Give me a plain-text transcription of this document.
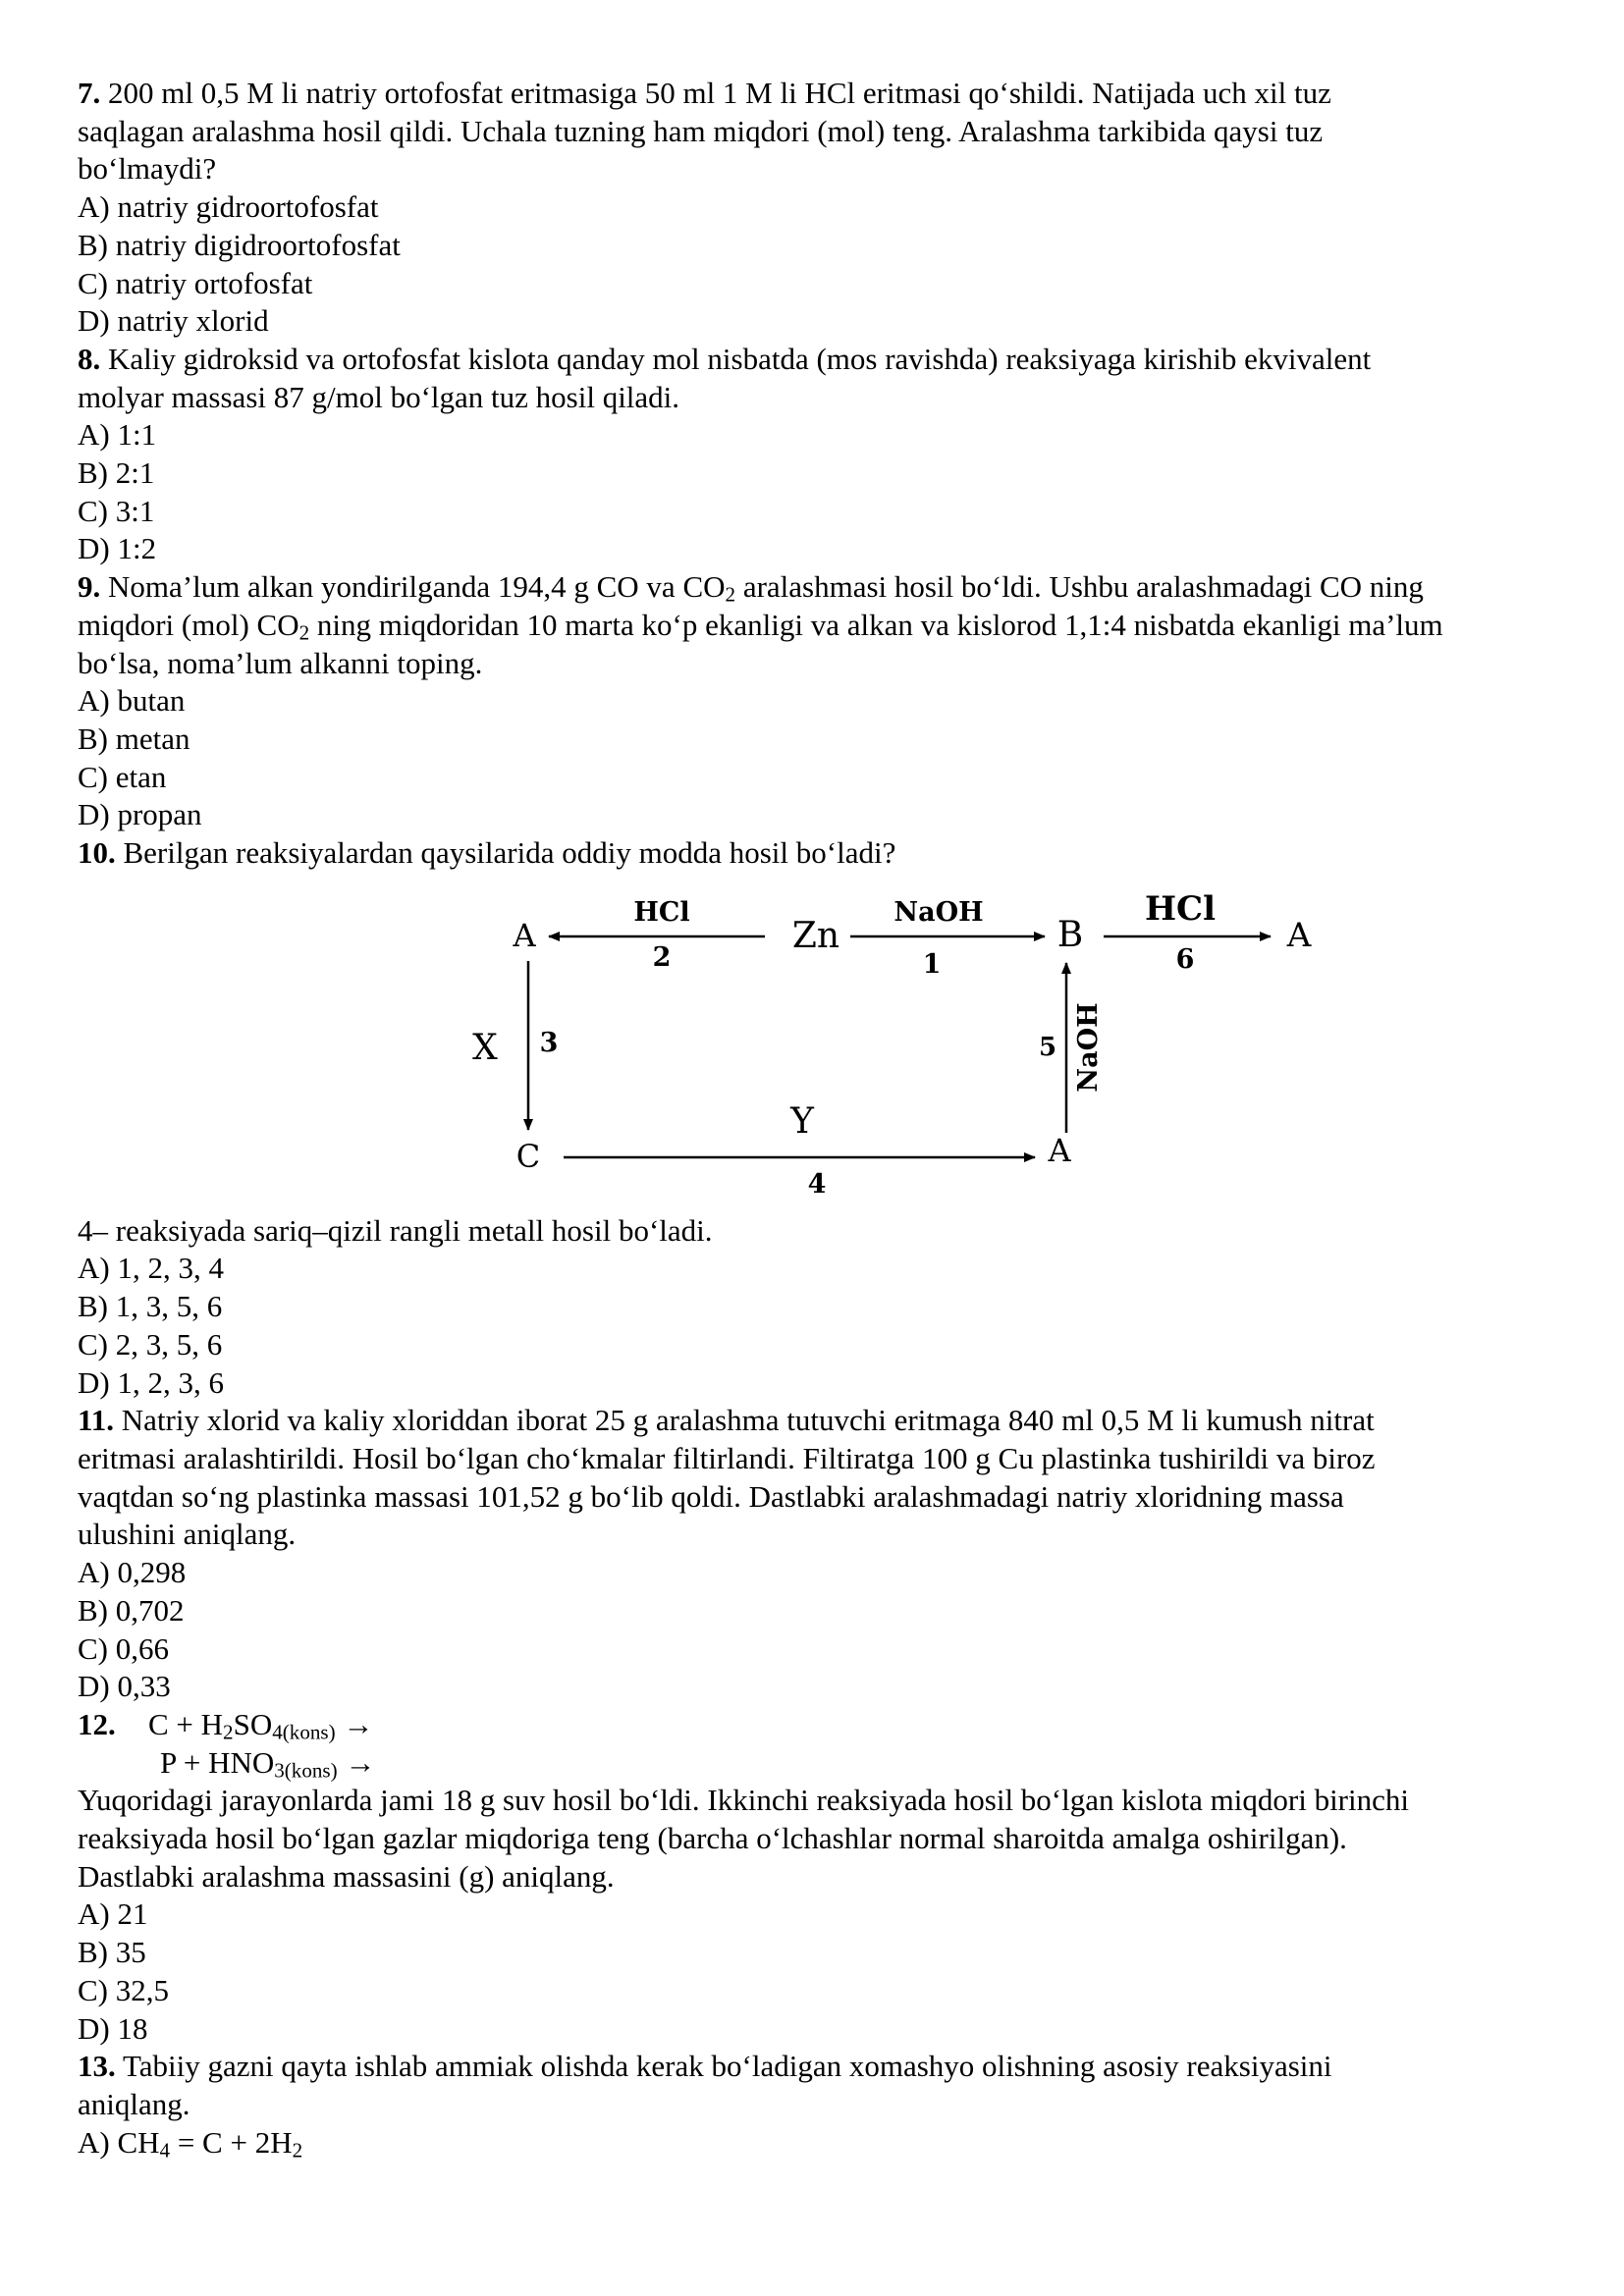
7. 200 ml 0,5 M li natriy ortofosfat eritmasiga 50 ml 1 M li HCl eritmasi qo‘shildi. Natijada uch xil tuz
saqlagan aralashma hosil qildi. Uchala tuzning ham miqdori (mol) teng. Aralashma tarkibida qaysi tuz
bo‘lmaydi?
A) natriy gidroortofosfat
B) natriy digidroortofosfat
C) natriy ortofosfat
D) natriy xlorid
8. Kaliy gidroksid va ortofosfat kislota qanday mol nisbatda (mos ravishda) reaksiyaga kirishib ekvivalent
molyar massasi 87 g/mol bo‘lgan tuz hosil qiladi.
A) 1:1
B) 2:1
C) 3:1
D) 1:2
9. Noma’lum alkan yondirilganda 194,4 g CO va $CO_2$ aralashmasi hosil bo‘ldi. Ushbu aralashmadagi CO ning
miqdori (mol) $CO_2$ ning miqdoridan 10 marta ko‘p ekanligi va alkan va kislorod 1,1:4 nisbatda ekanligi ma’lum
bo‘lsa, noma’lum alkanni toping.
A) butan
B) metan
C) etan
D) propan
10. Berilgan reaksiyalardan qaysilarida oddiy modda hosil bo‘ladi?
A	Zn	B	A
C	A
HCl
2
NaOH
1
HCl
6
X 3
Y
4
5 NaOH
4– reaksiyada sariq–qizil rangli metall hosil bo‘ladi.
A) 1, 2, 3, 4
B) 1, 3, 5, 6
C) 2, 3, 5, 6
D) 1, 2, 3, 6
11. Natriy xlorid va kaliy xloriddan iborat 25 g aralashma tutuvchi eritmaga 840 ml 0,5 M li kumush nitrat
eritmasi aralashtirildi. Hosil bo‘lgan cho‘kmalar filtirlandi. Filtiratga 100 g Cu plastinka tushirildi va biroz
vaqtdan so‘ng plastinka massasi 101,52 g bo‘lib qoldi. Dastlabki aralashmadagi natriy xloridning massa
ulushini aniqlang.
A) 0,298
B) 0,702
C) 0,66
D) 0,33
12. $C + H_2SO_{4(kons)}$ →
$P + HNO_{3(kons)}$ →
Yuqoridagi jarayonlarda jami 18 g suv hosil bo‘ldi. Ikkinchi reaksiyada hosil bo‘lgan kislota miqdori birinchi
reaksiyada hosil bo‘lgan gazlar miqdoriga teng (barcha o‘lchashlar normal sharoitda amalga oshirilgan).
Dastlabki aralashma massasini (g) aniqlang.
A) 21
B) 35
C) 32,5
D) 18
13. Tabiiy gazni qayta ishlab ammiak olishda kerak bo‘ladigan xomashyo olishning asosiy reaksiyasini
aniqlang.
A) $CH_4 = C + 2H_2$
